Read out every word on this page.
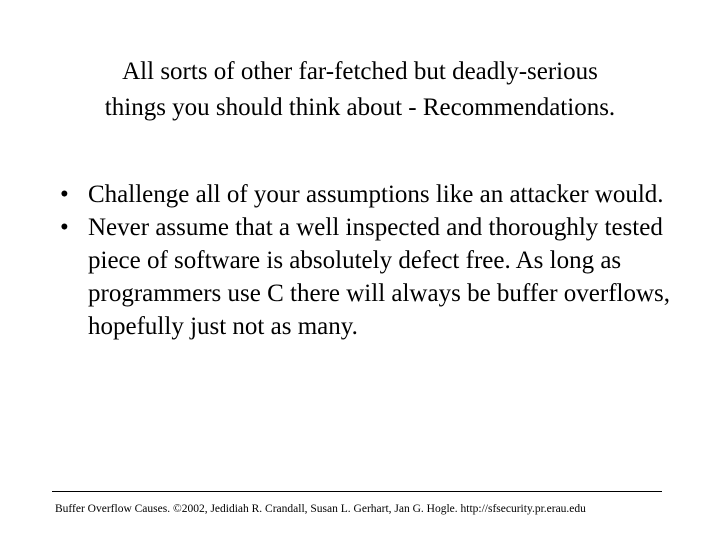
All sorts of other far-fetched but deadly-serious
things you should think about - Recommendations.
• Challenge all of your assumptions like an attacker would.
• Never assume that a well inspected and thoroughly tested piece of software is absolutely defect free. As long as programmers use C there will always be buffer overflows, hopefully just not as many.
Buffer Overflow Causes. ©2002, Jedidiah R. Crandall, Susan L. Gerhart, Jan G. Hogle. http://sfsecurity.pr.erau.edu
